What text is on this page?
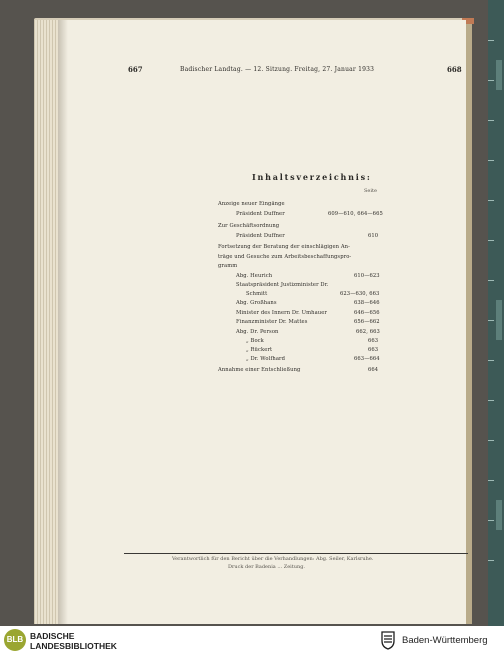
667	Badischer Landtag. — 12. Sitzung. Freitag, 27. Januar 1933	668
Inhaltsverzeichnis:
Seite
Anzeige neuer Eingänge
Präsident Duffner	609—610, 664—665
Zur Geschäftsordnung
Präsident Duffner	610
Fortsetzung der Beratung der einschlägigen An-
träge und Gesuche zum Arbeitsbeschaffungspro-
gramm
Abg. Heurich	610—623
Staatspräsident Justizminister Dr.
Schmitt	623—630, 663
Abg. Großhans	638—646
Minister des Innern Dr. Umhauer	646—656
Finanzminister Dr. Mattes	656—662
Abg. Dr. Person	662, 663
„ Bock	663
„ Rückert	663
„ Dr. Wolfhard	663—664
Annahme einer Entschließung	664
Verantwortlich für den Bericht über die Verhandlungen: Abg. Seiler, Karlsruhe.
Druck der Badenia ... Zeitung.
BLB BADISCHE
LANDESBIBLIOTHEK	Baden-Württemberg
